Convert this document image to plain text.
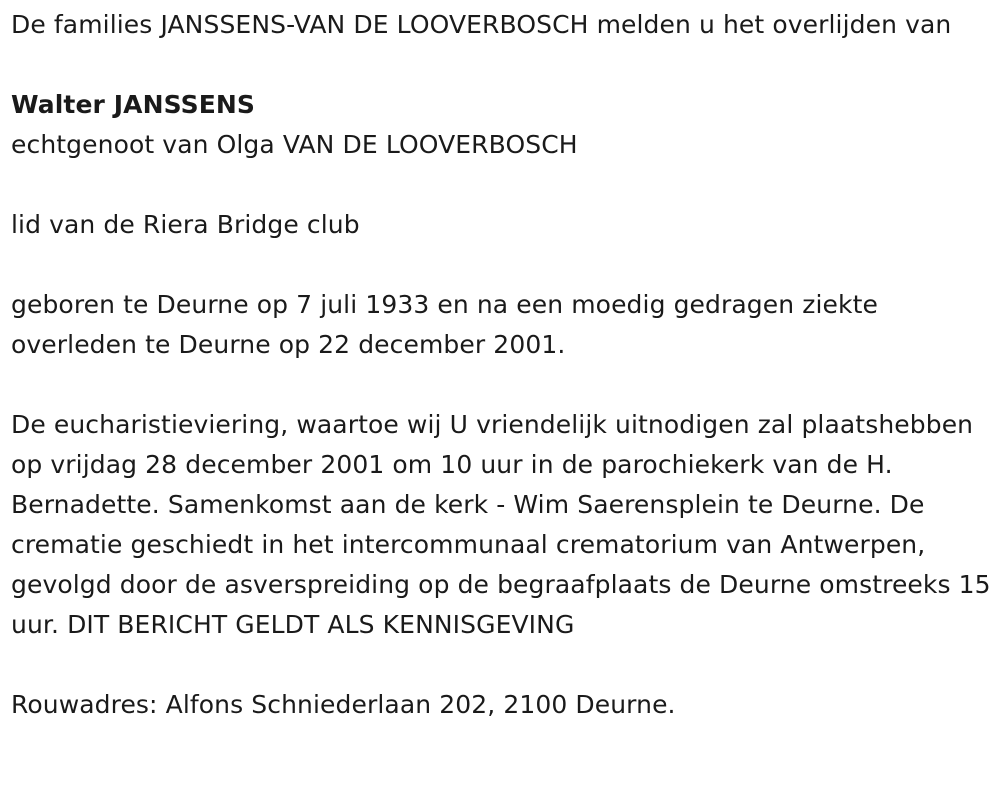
De families JANSSENS-VAN DE LOOVERBOSCH melden u het overlijden van

Walter JANSSENS

echtgenoot van Olga VAN DE LOOVERBOSCH

lid van de Riera Bridge club

geboren te Deurne op 7 juli 1933 en na een moedig gedragen ziekte overleden te Deurne op 22 december 2001.

De eucharistieviering, waartoe wij U vriendelijk uitnodigen zal plaatshebben op vrijdag 28 december 2001 om 10 uur in de parochiekerk van de H. Bernadette. Samenkomst aan de kerk - Wim Saerensplein te Deurne. De crematie geschiedt in het intercommunaal crematorium van Antwerpen, gevolgd door de asverspreiding op de begraafplaats de Deurne omstreeks 15 uur. DIT BERICHT GELDT ALS KENNISGEVING

Rouwadres: Alfons Schniederlaan 202, 2100 Deurne.
